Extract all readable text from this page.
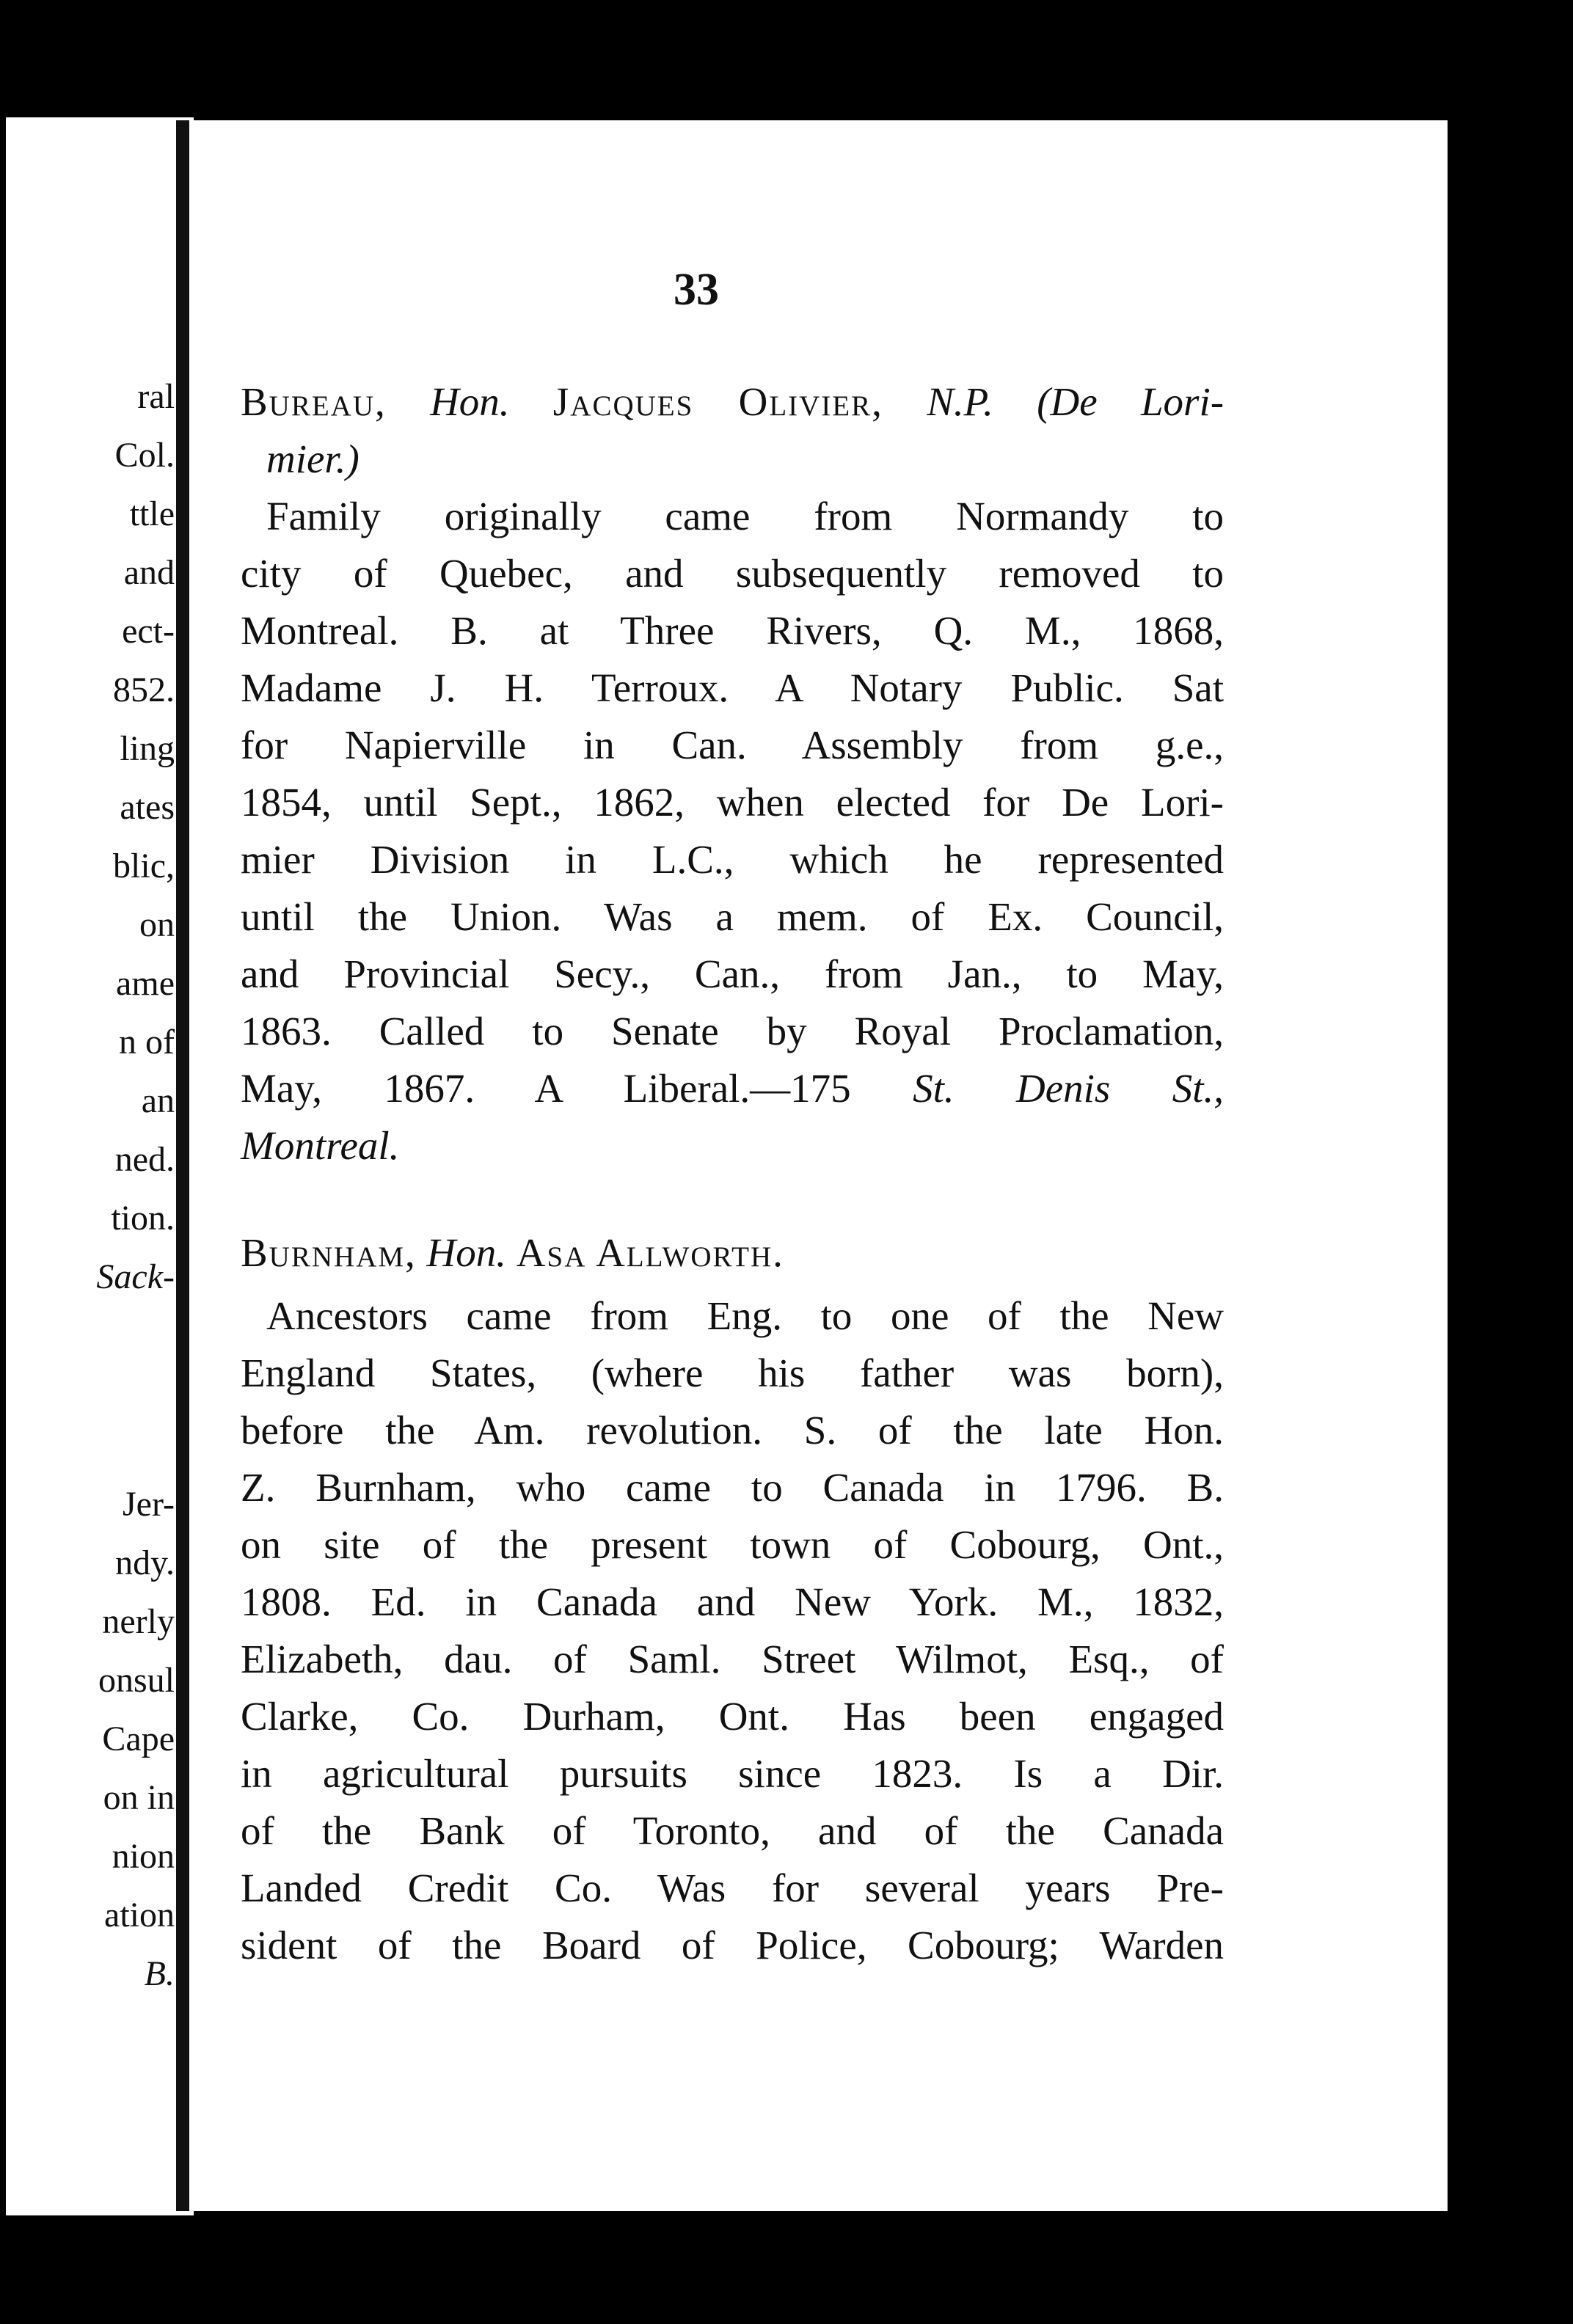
ral
Col.
ttle
and
ect-
852.
ling
ates
blic,
on
ame
n of
an
ned.
tion.
Sack-
Jer-
ndy.
nerly
onsul
Cape
on in
nion
ation
B.
33
Bureau, Hon. Jacques Olivier, N.P. (De Lori-
mier.)
Family originally came from Normandy to
city of Quebec, and subsequently removed to
Montreal. B. at Three Rivers, Q. M., 1868,
Madame J. H. Terroux. A Notary Public. Sat
for Napierville in Can. Assembly from g.e.,
1854, until Sept., 1862, when elected for De Lori-
mier Division in L.C., which he represented
until the Union. Was a mem. of Ex. Council,
and Provincial Secy., Can., from Jan., to May,
1863. Called to Senate by Royal Proclamation,
May, 1867. A Liberal.—175 St. Denis St.,
Montreal.
Burnham, Hon. Asa Allworth.
Ancestors came from Eng. to one of the New
England States, (where his father was born),
before the Am. revolution. S. of the late Hon.
Z. Burnham, who came to Canada in 1796. B.
on site of the present town of Cobourg, Ont.,
1808. Ed. in Canada and New York. M., 1832,
Elizabeth, dau. of Saml. Street Wilmot, Esq., of
Clarke, Co. Durham, Ont. Has been engaged
in agricultural pursuits since 1823. Is a Dir.
of the Bank of Toronto, and of the Canada
Landed Credit Co. Was for several years Pre-
sident of the Board of Police, Cobourg; Warden
